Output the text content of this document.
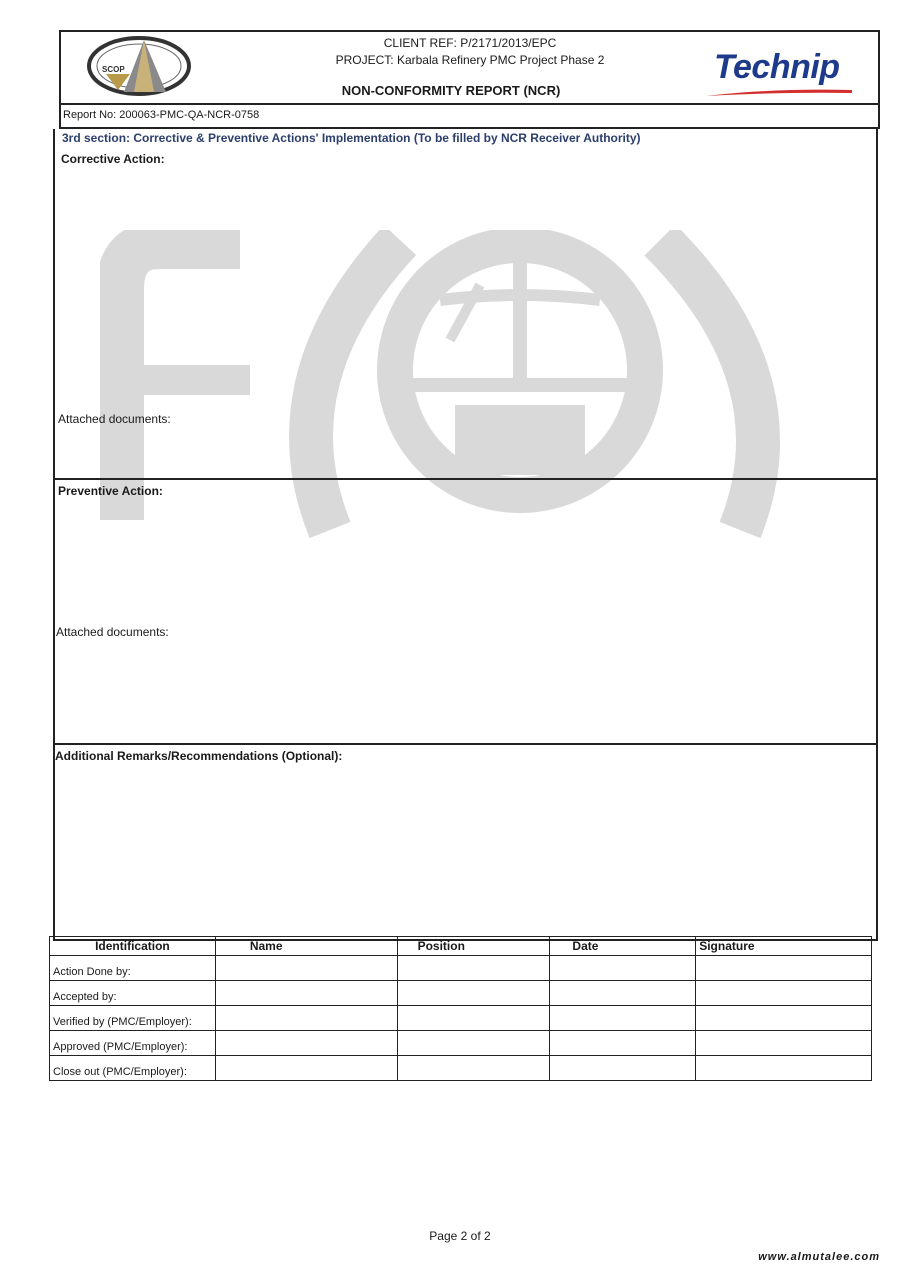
SCOP
CLIENT REF: P/2171/2013/EPC
PROJECT: Karbala Refinery PMC Project Phase 2
NON-CONFORMITY REPORT (NCR)
Technip
Report No: 200063-PMC-QA-NCR-0758
3rd section: Corrective & Preventive Actions' Implementation (To be filled by NCR Receiver Authority)
Corrective Action:
Attached documents:
Preventive Action:
Attached documents:
Additional Remarks/Recommendations (Optional):
Identification	Name	Position	Date	Signature
Action Done by:				
Accepted by:				
Verified by (PMC/Employer):				
Approved (PMC/Employer):				
Close out (PMC/Employer):				
Page 2 of 2
www.almutalee.com
